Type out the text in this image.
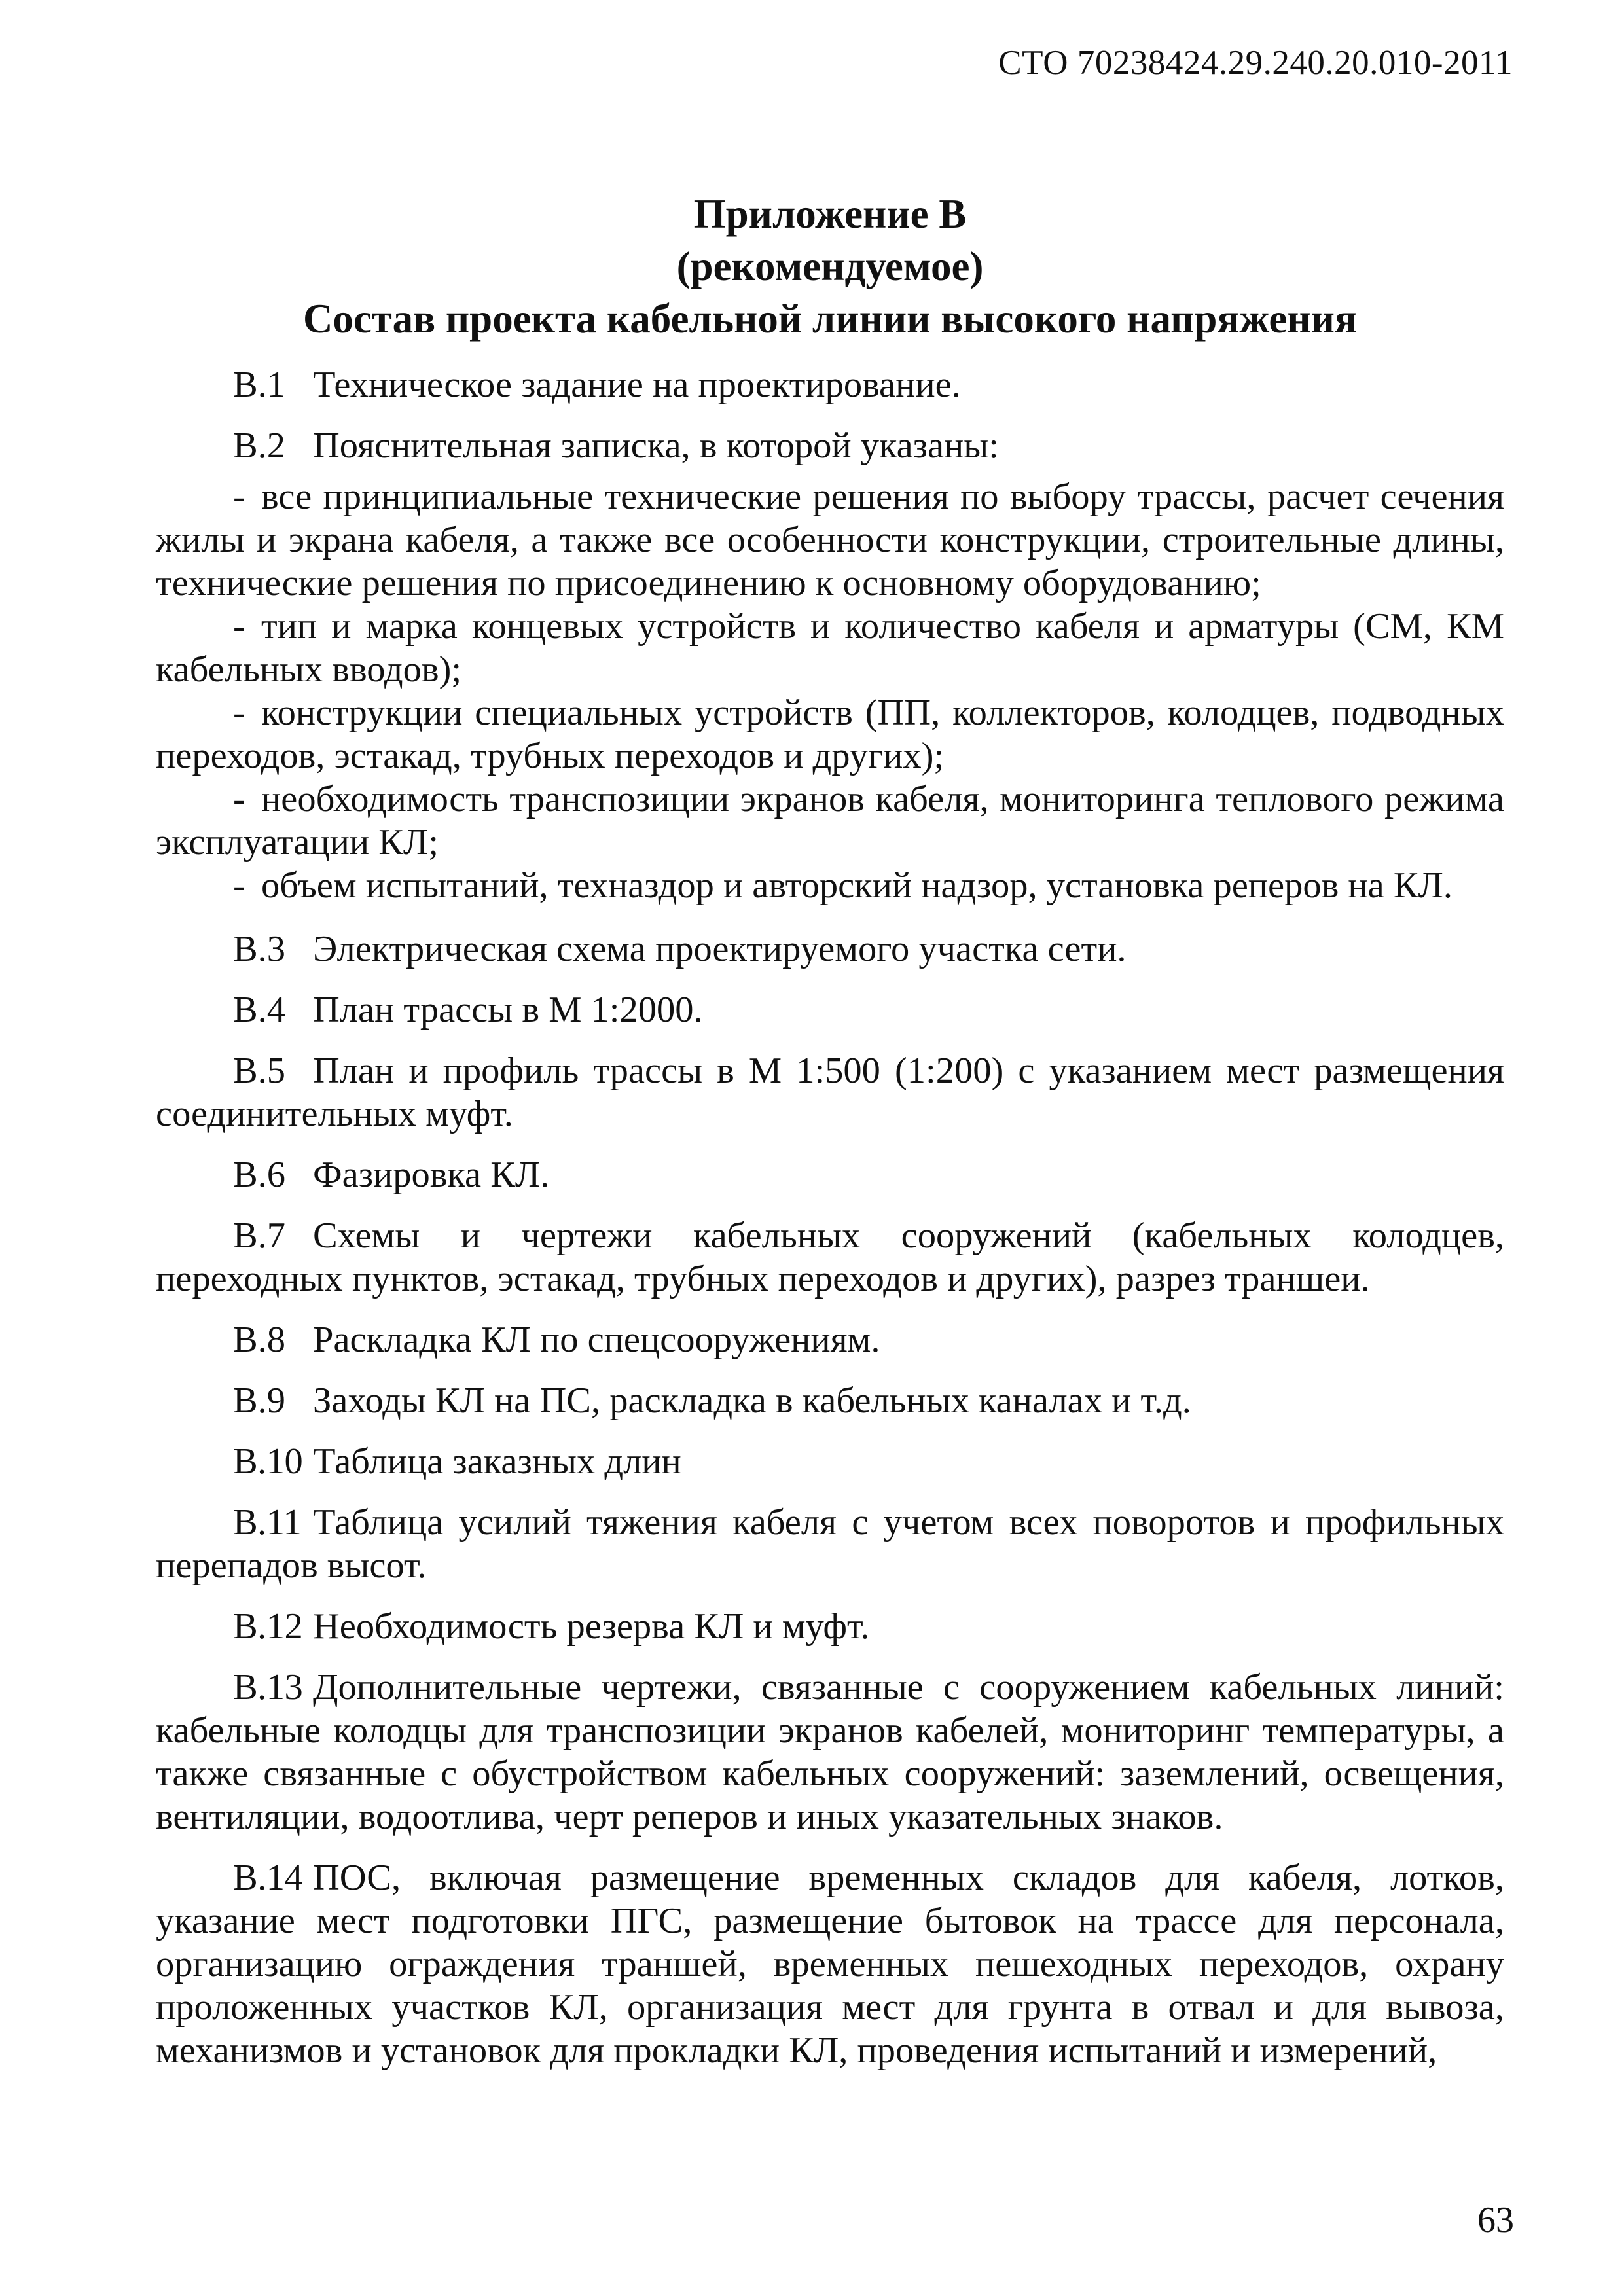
СТО 70238424.29.240.20.010-2011
Приложение В
(рекомендуемое)
Состав проекта кабельной линии высокого напряжения

В.1 Техническое задание на проектирование.

В.2 Пояснительная записка, в которой указаны:

- все принципиальные технические решения по выбору трассы, расчет сечения жилы и экрана кабеля, а также все особенности конструкции, строительные длины, технические решения по присоединению к основному оборудованию;

- тип и марка концевых устройств и количество кабеля и арматуры (СМ, КМ кабельных вводов);

- конструкции специальных устройств (ПП, коллекторов, колодцев, подводных переходов, эстакад, трубных переходов и других);

- необходимость транспозиции экранов кабеля, мониторинга теплового режима эксплуатации КЛ;

- объем испытаний, техназдор и авторский надзор, установка реперов на КЛ.

В.3 Электрическая схема проектируемого участка сети.

В.4 План трассы в М 1:2000.

В.5 План и профиль трассы в М 1:500 (1:200) с указанием мест размещения соединительных муфт.

В.6 Фазировка КЛ.

В.7 Схемы и чертежи кабельных сооружений (кабельных колодцев, переходных пунктов, эстакад, трубных переходов и других), разрез траншеи.

В.8 Раскладка КЛ по спецсооружениям.

В.9 Заходы КЛ на ПС, раскладка в кабельных каналах и т.д.

В.10 Таблица заказных длин

В.11 Таблица усилий тяжения кабеля с учетом всех поворотов и профильных перепадов высот.

В.12 Необходимость резерва КЛ и муфт.

В.13 Дополнительные чертежи, связанные с сооружением кабельных линий: кабельные колодцы для транспозиции экранов кабелей, мониторинг температуры, а также связанные с обустройством кабельных сооружений: заземлений, освещения, вентиляции, водоотлива, черт реперов и иных указательных знаков.

В.14 ПОС, включая размещение временных складов для кабеля, лотков, указание мест подготовки ПГС, размещение бытовок на трассе для персонала, организацию ограждения траншей, временных пешеходных переходов, охрану проложенных участков КЛ, организация мест для грунта в отвал и для вывоза, механизмов и установок для прокладки КЛ, проведения испытаний и измерений,

63
